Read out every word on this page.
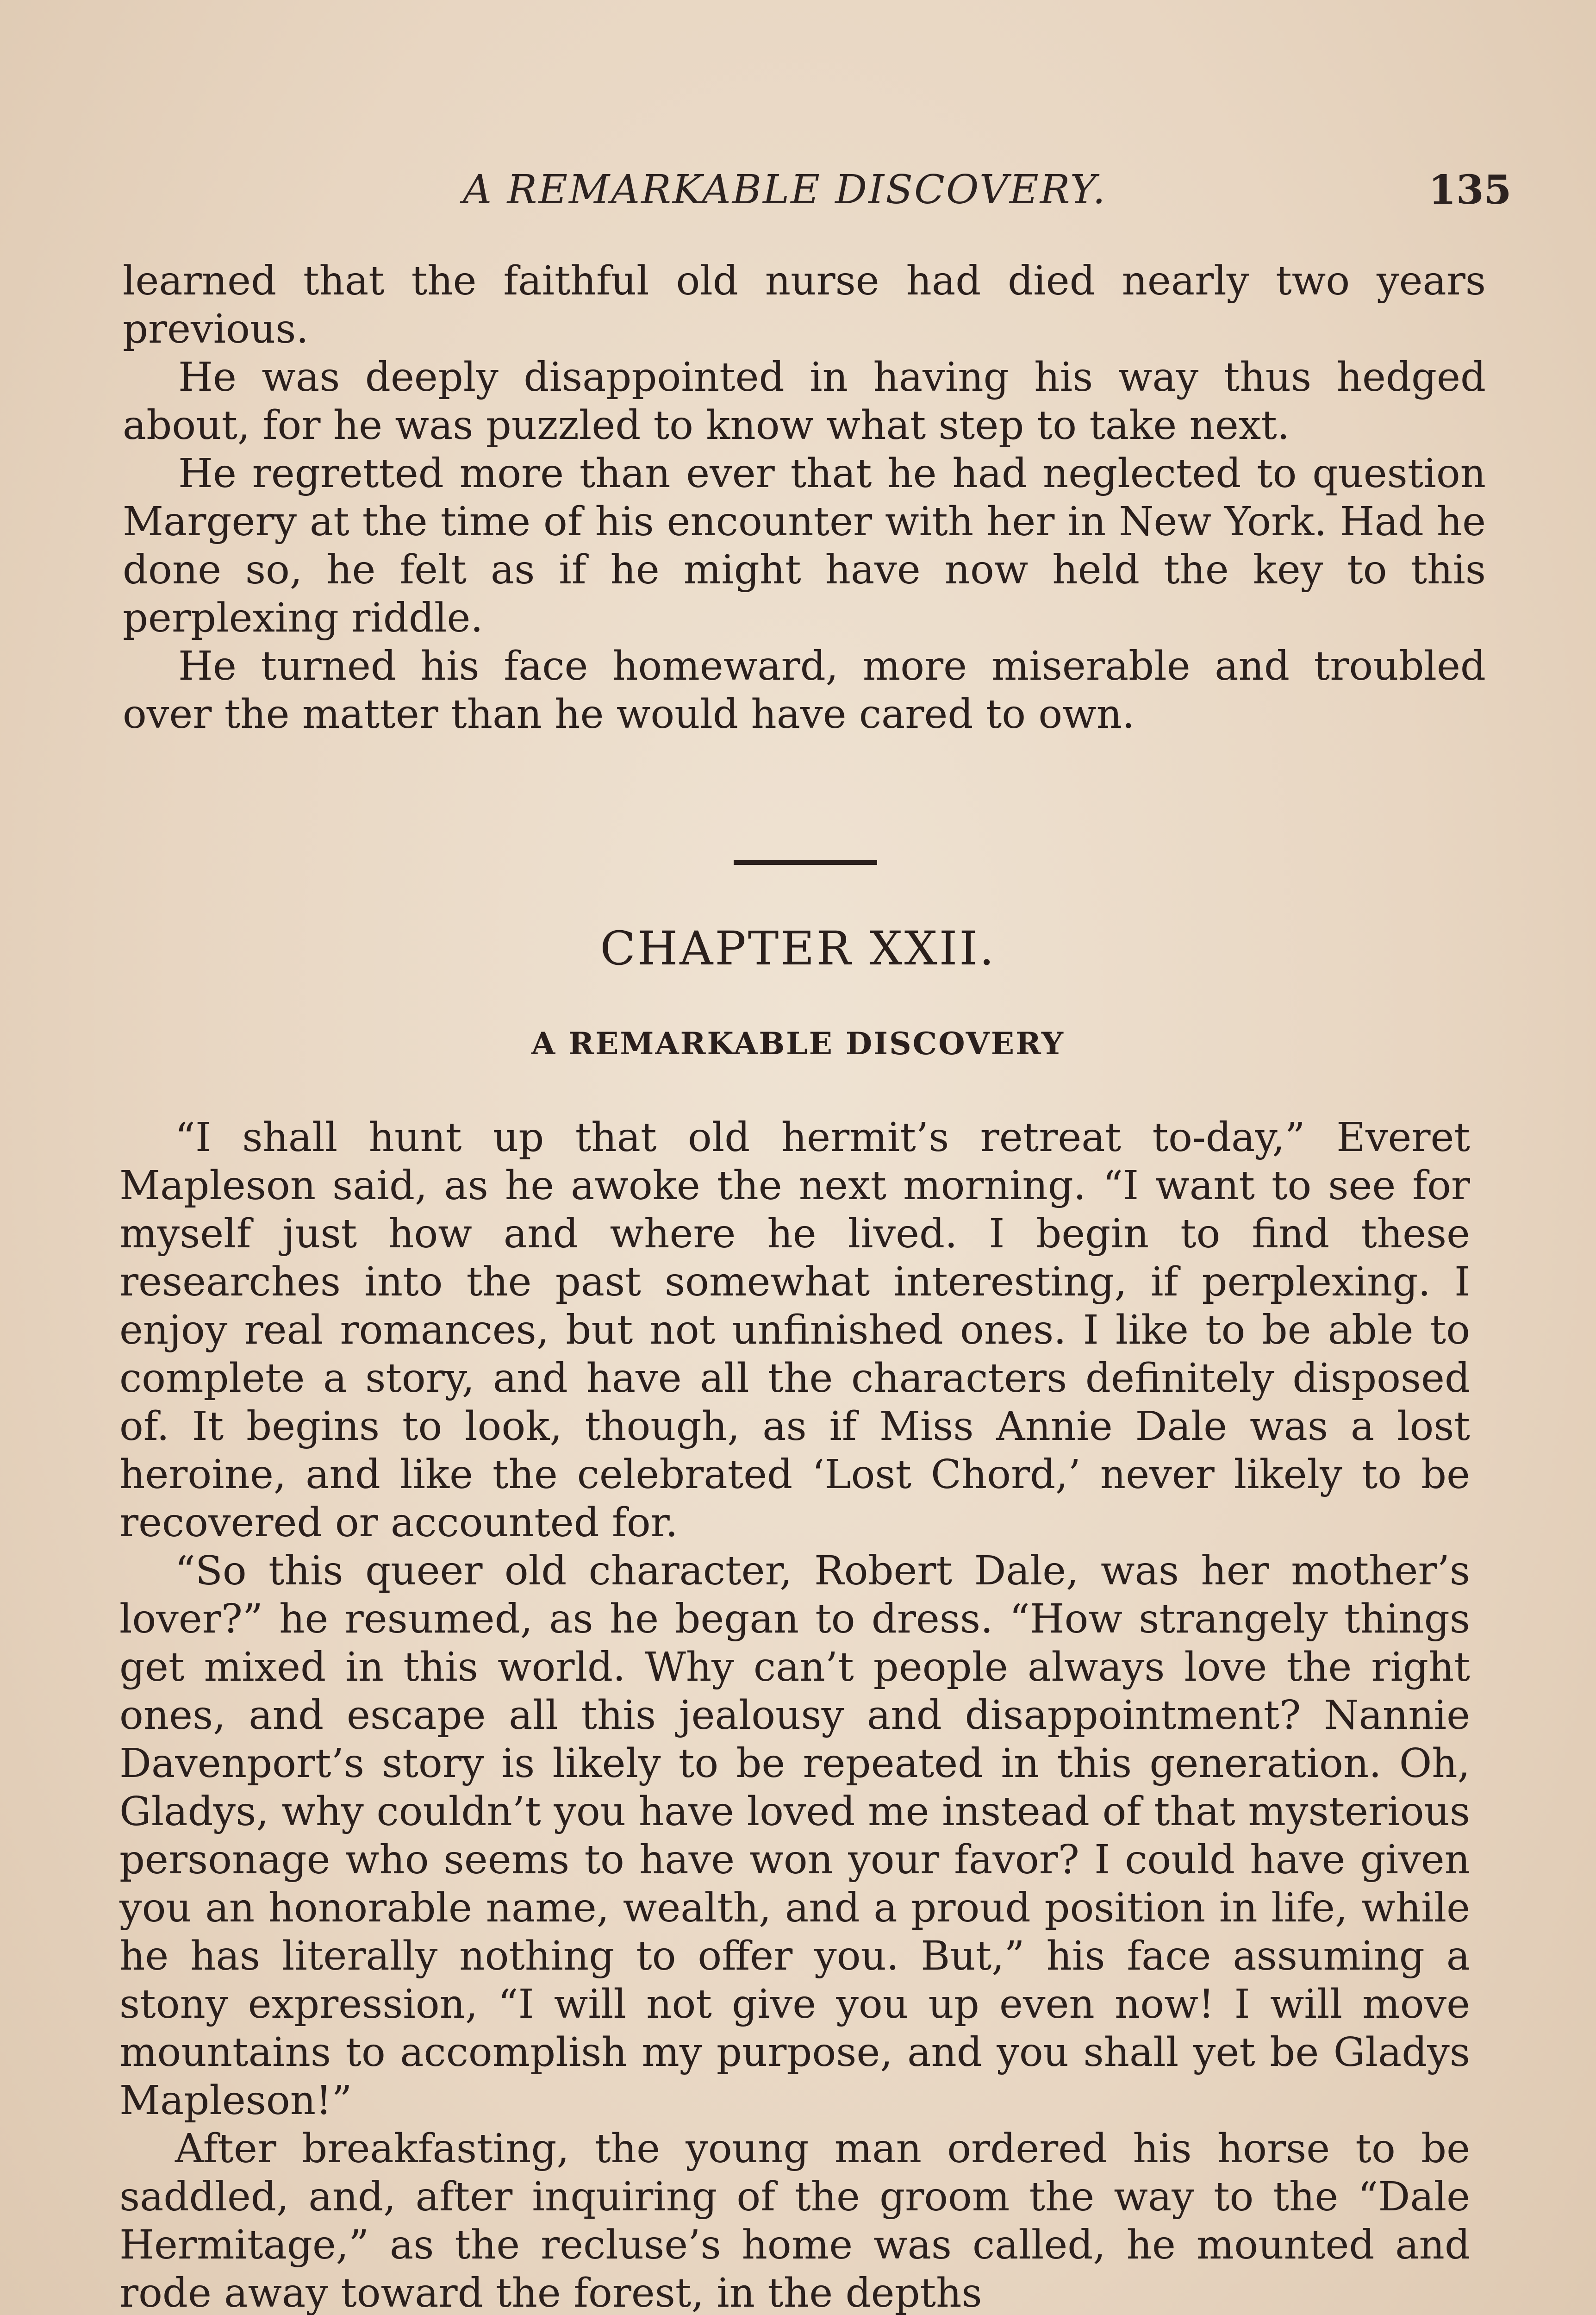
A REMARKABLE DISCOVERY.	135

learned that the faithful old nurse had died nearly two years previous.

He was deeply disappointed in having his way thus hedged about, for he was puzzled to know what step to take next.

He regretted more than ever that he had neglected to question Margery at the time of his encounter with her in New York. Had he done so, he felt as if he might have now held the key to this perplexing riddle.

He turned his face homeward, more miserable and troubled over the matter than he would have cared to own.

CHAPTER XXII.
A REMARKABLE DISCOVERY

“I shall hunt up that old hermit’s retreat to-day,” Everet Mapleson said, as he awoke the next morning. “I want to see for myself just how and where he lived. I begin to find these researches into the past somewhat interesting, if perplexing. I enjoy real romances, but not unfinished ones. I like to be able to complete a story, and have all the characters definitely disposed of. It begins to look, though, as if Miss Annie Dale was a lost heroine, and like the celebrated ‘Lost Chord,’ never likely to be recovered or accounted for.

“So this queer old character, Robert Dale, was her mother’s lover?” he resumed, as he began to dress. “How strangely things get mixed in this world. Why can’t people always love the right ones, and escape all this jealousy and disappointment? Nannie Davenport’s story is likely to be repeated in this generation. Oh, Gladys, why couldn’t you have loved me instead of that mysterious personage who seems to have won your favor? I could have given you an honorable name, wealth, and a proud position in life, while he has literally nothing to offer you. But,” his face assuming a stony expression, “I will not give you up even now! I will move mountains to accomplish my purpose, and you shall yet be Gladys Mapleson!”

After breakfasting, the young man ordered his horse to be saddled, and, after inquiring of the groom the way to the “Dale Hermitage,” as the recluse’s home was called, he mounted and rode away toward the forest, in the depths
